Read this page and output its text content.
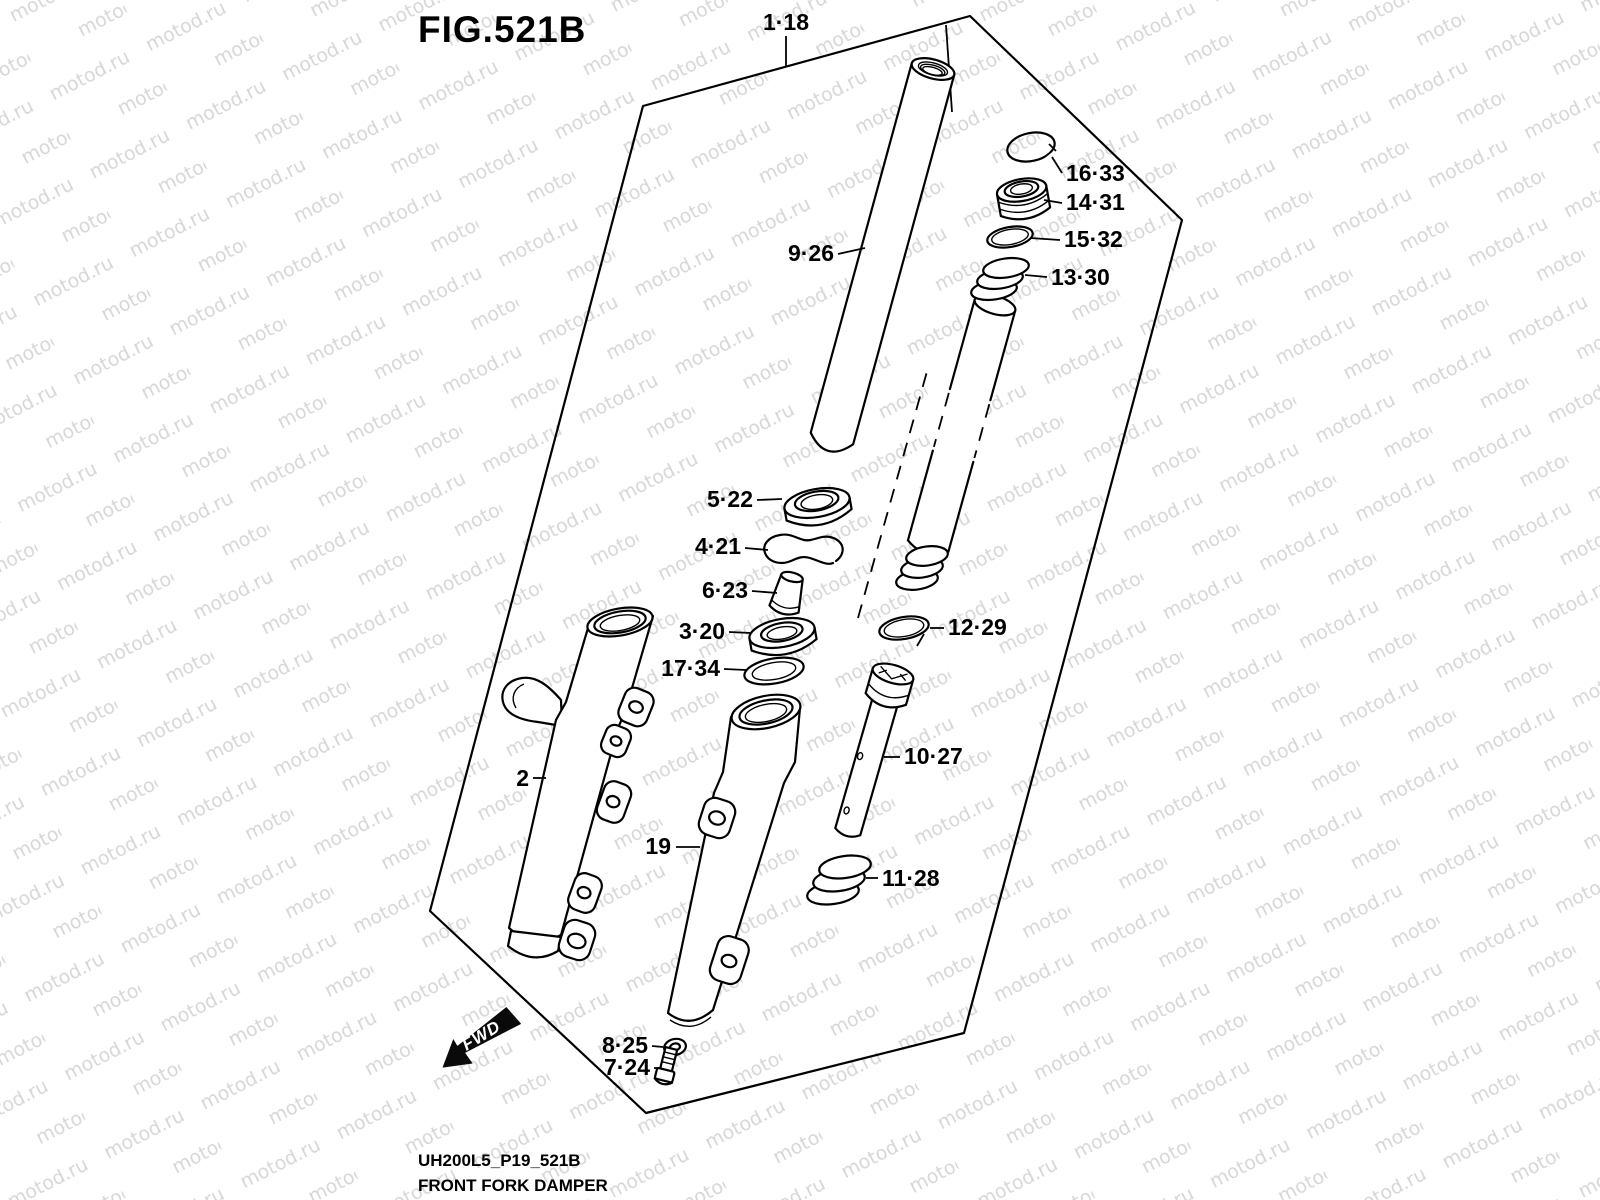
1·18
9·26
16·33
14·31
15·32
13·30
5·22
4·21
6·23
3·20
17·34
12·29
10·27
11·28
2
19
8·25
7·24
FWD
FIG.521B
UH200L5_P19_521B
FRONT FORK DAMPER
